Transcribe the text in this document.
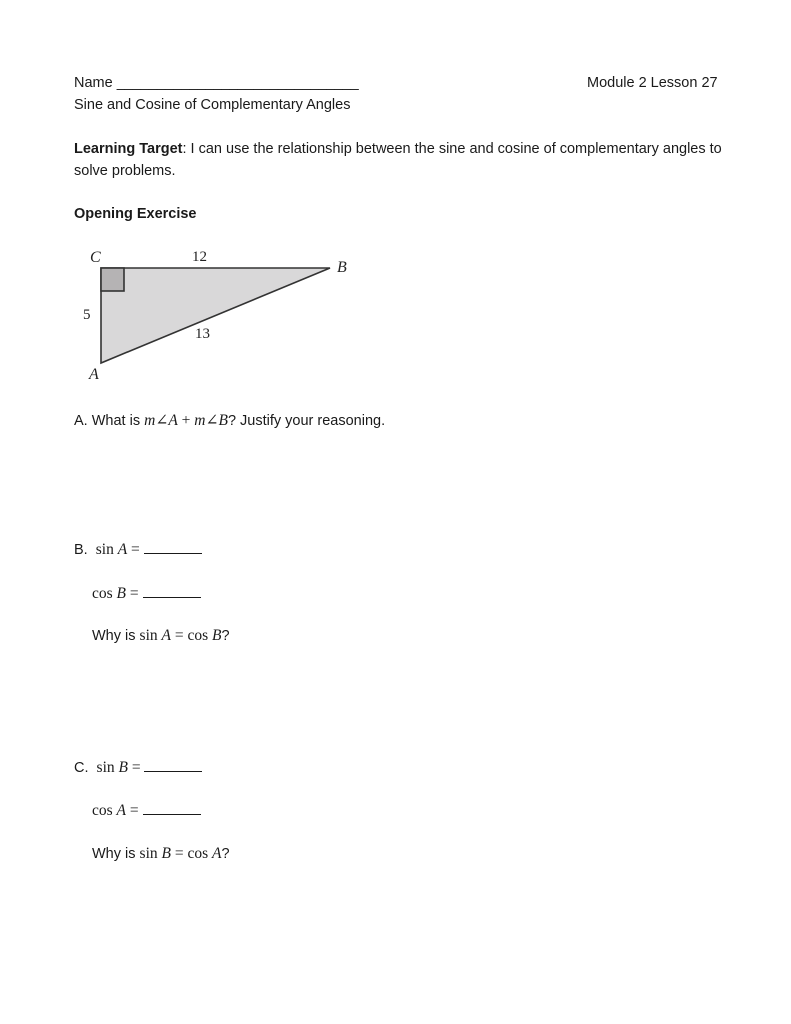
Name ______________________________	Module 2 Lesson 27
Sine and Cosine of Complementary Angles
Learning Target: I can use the relationship between the sine and cosine of complementary angles to
solve problems.
Opening Exercise
C
B
A
12
5
13
A. What is m∠A + m∠B? Justify your reasoning.
B. sin A =
cos B =
Why is sin A = cos B?
C. sin B =
cos A =
Why is sin B = cos A?
